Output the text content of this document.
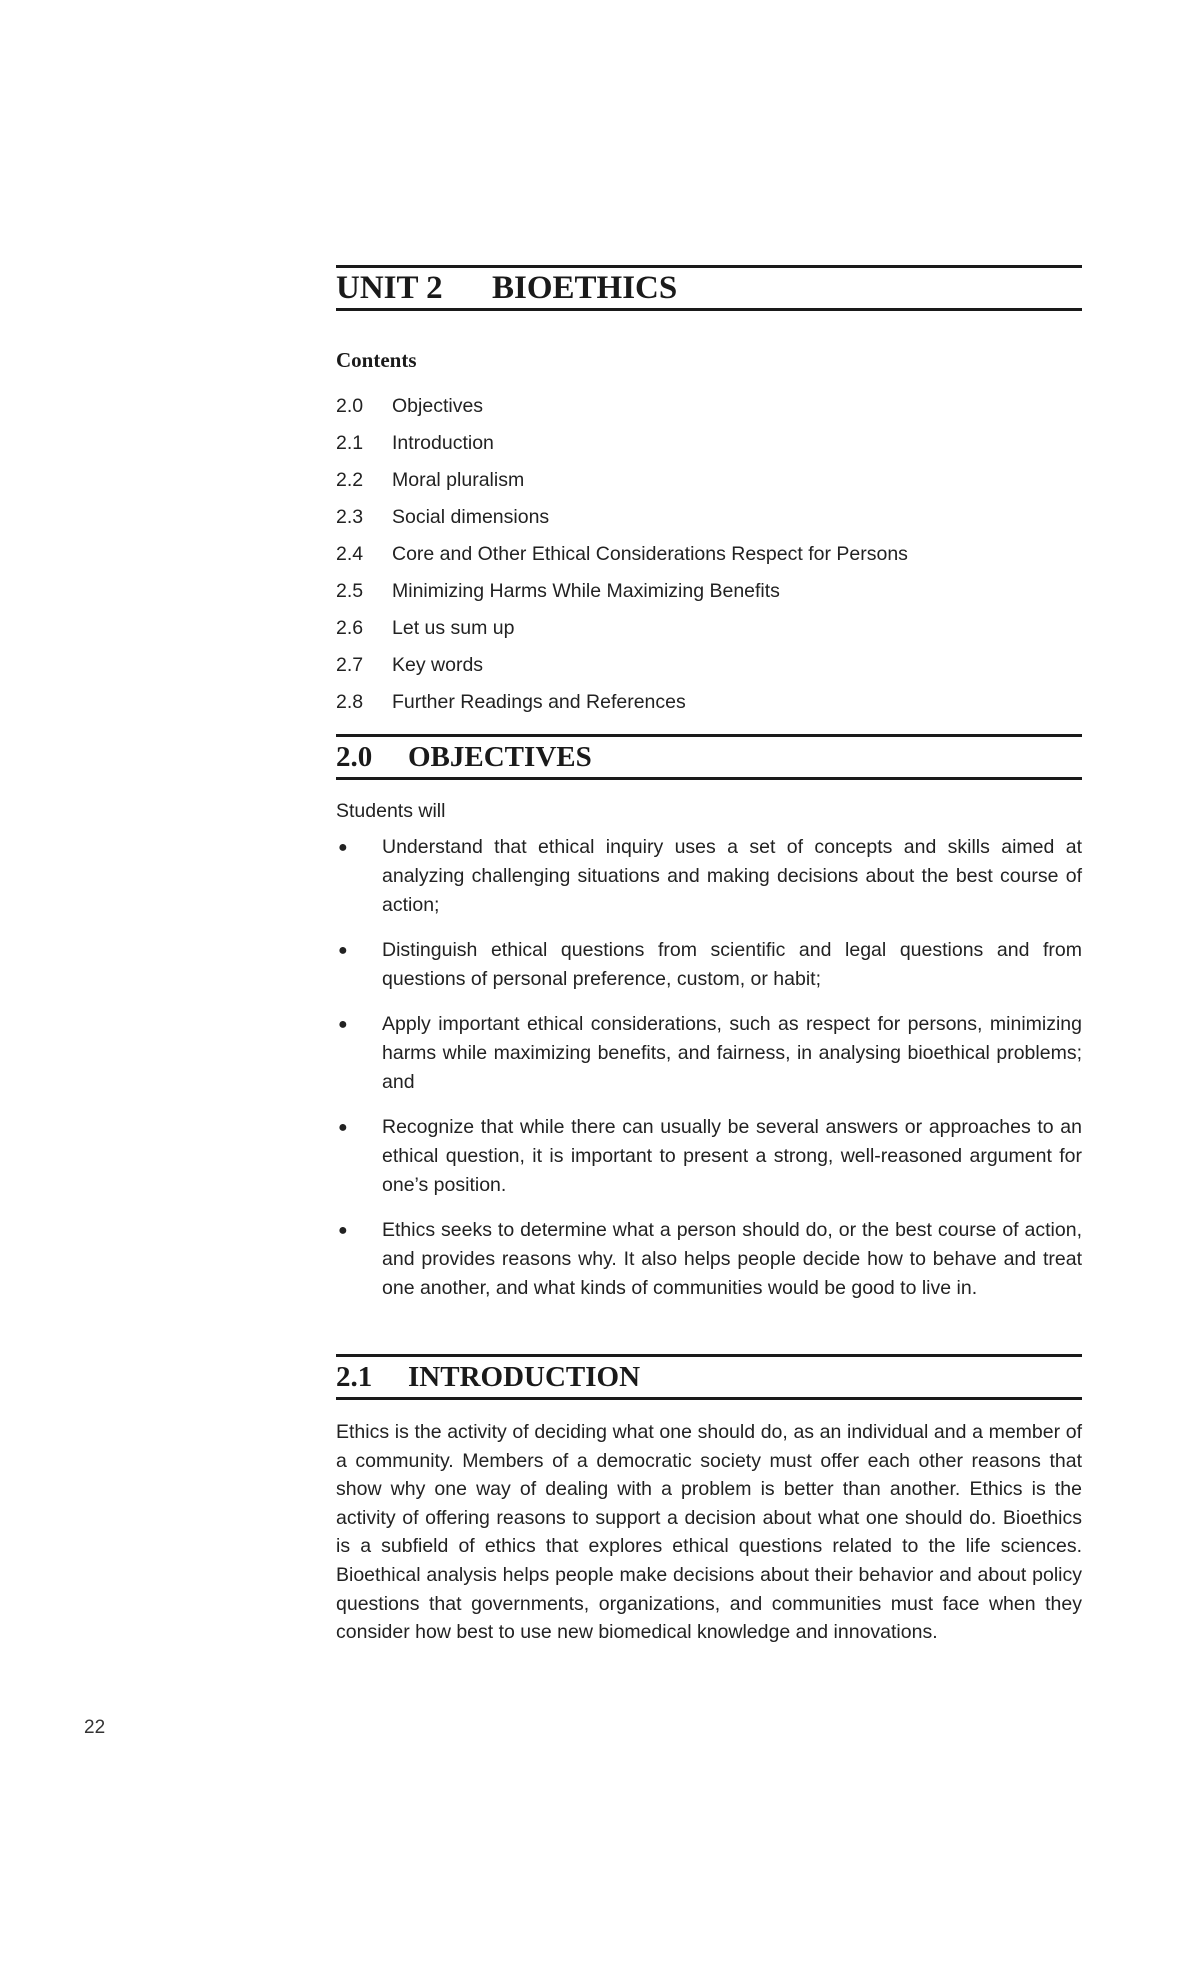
UNIT 2 BIOETHICS
Contents
2.0	Objectives
2.1	Introduction
2.2	Moral pluralism
2.3	Social dimensions
2.4	Core and Other Ethical Considerations Respect for Persons
2.5	Minimizing Harms While Maximizing Benefits
2.6	Let us sum up
2.7	Key words
2.8	Further Readings and References
2.0 OBJECTIVES
Students will
●	Understand that ethical inquiry uses a set of concepts and skills aimed at analyzing challenging situations and making decisions about the best course of action;
●	Distinguish ethical questions from scientific and legal questions and from questions of personal preference, custom, or habit;
●	Apply important ethical considerations, such as respect for persons, minimizing harms while maximizing benefits, and fairness, in analysing bioethical problems; and
●	Recognize that while there can usually be several answers or approaches to an ethical question, it is important to present a strong, well-reasoned argument for one’s position.
●	Ethics seeks to determine what a person should do, or the best course of action, and provides reasons why. It also helps people decide how to behave and treat one another, and what kinds of communities would be good to live in.
2.1 INTRODUCTION

Ethics is the activity of deciding what one should do, as an individual and a member of a community. Members of a democratic society must offer each other reasons that show why one way of dealing with a problem is better than another. Ethics is the activity of offering reasons to support a decision about what one should do. Bioethics is a subfield of ethics that explores ethical questions related to the life sciences. Bioethical analysis helps people make decisions about their behavior and about policy questions that governments, organizations, and communities must face when they consider how best to use new biomedical knowledge and innovations.

22
